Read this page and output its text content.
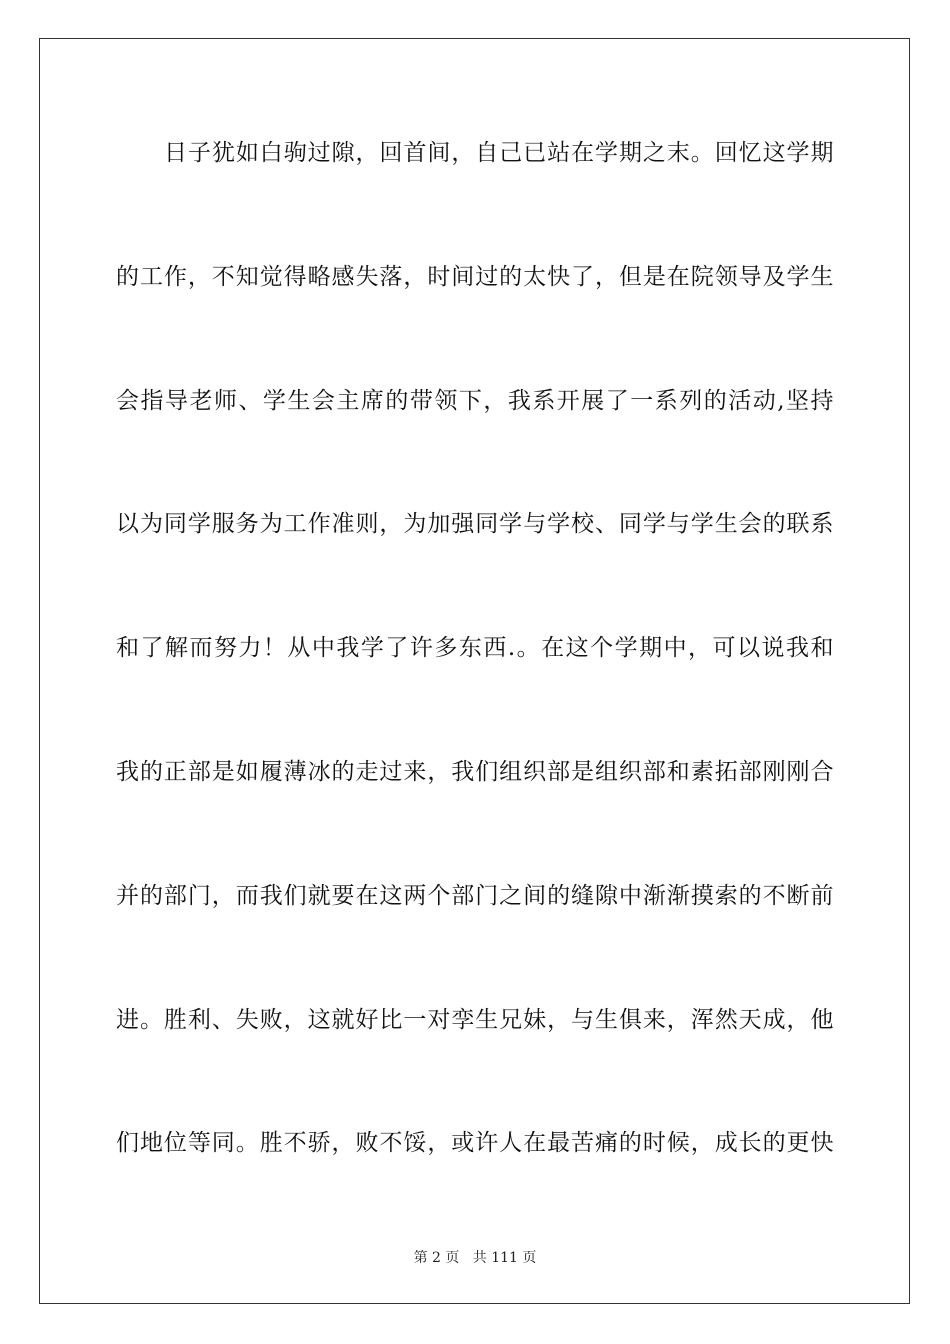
日子犹如白驹过隙，回首间，自己已站在学期之末。回忆这学期
的工作，不知觉得略感失落，时间过的太快了，但是在院领导及学生
会指导老师、学生会主席的带领下，我系开展了一系列的活动,坚持
以为同学服务为工作准则，为加强同学与学校、同学与学生会的联系
和了解而努力！从中我学了许多东西.。在这个学期中，可以说我和
我的正部是如履薄冰的走过来，我们组织部是组织部和素拓部刚刚合
并的部门，而我们就要在这两个部门之间的缝隙中渐渐摸索的不断前
进。胜利、失败，这就好比一对孪生兄妹，与生俱来，浑然天成，他
们地位等同。胜不骄，败不馁，或许人在最苦痛的时候，成长的更快
第 2 页 共 111 页
